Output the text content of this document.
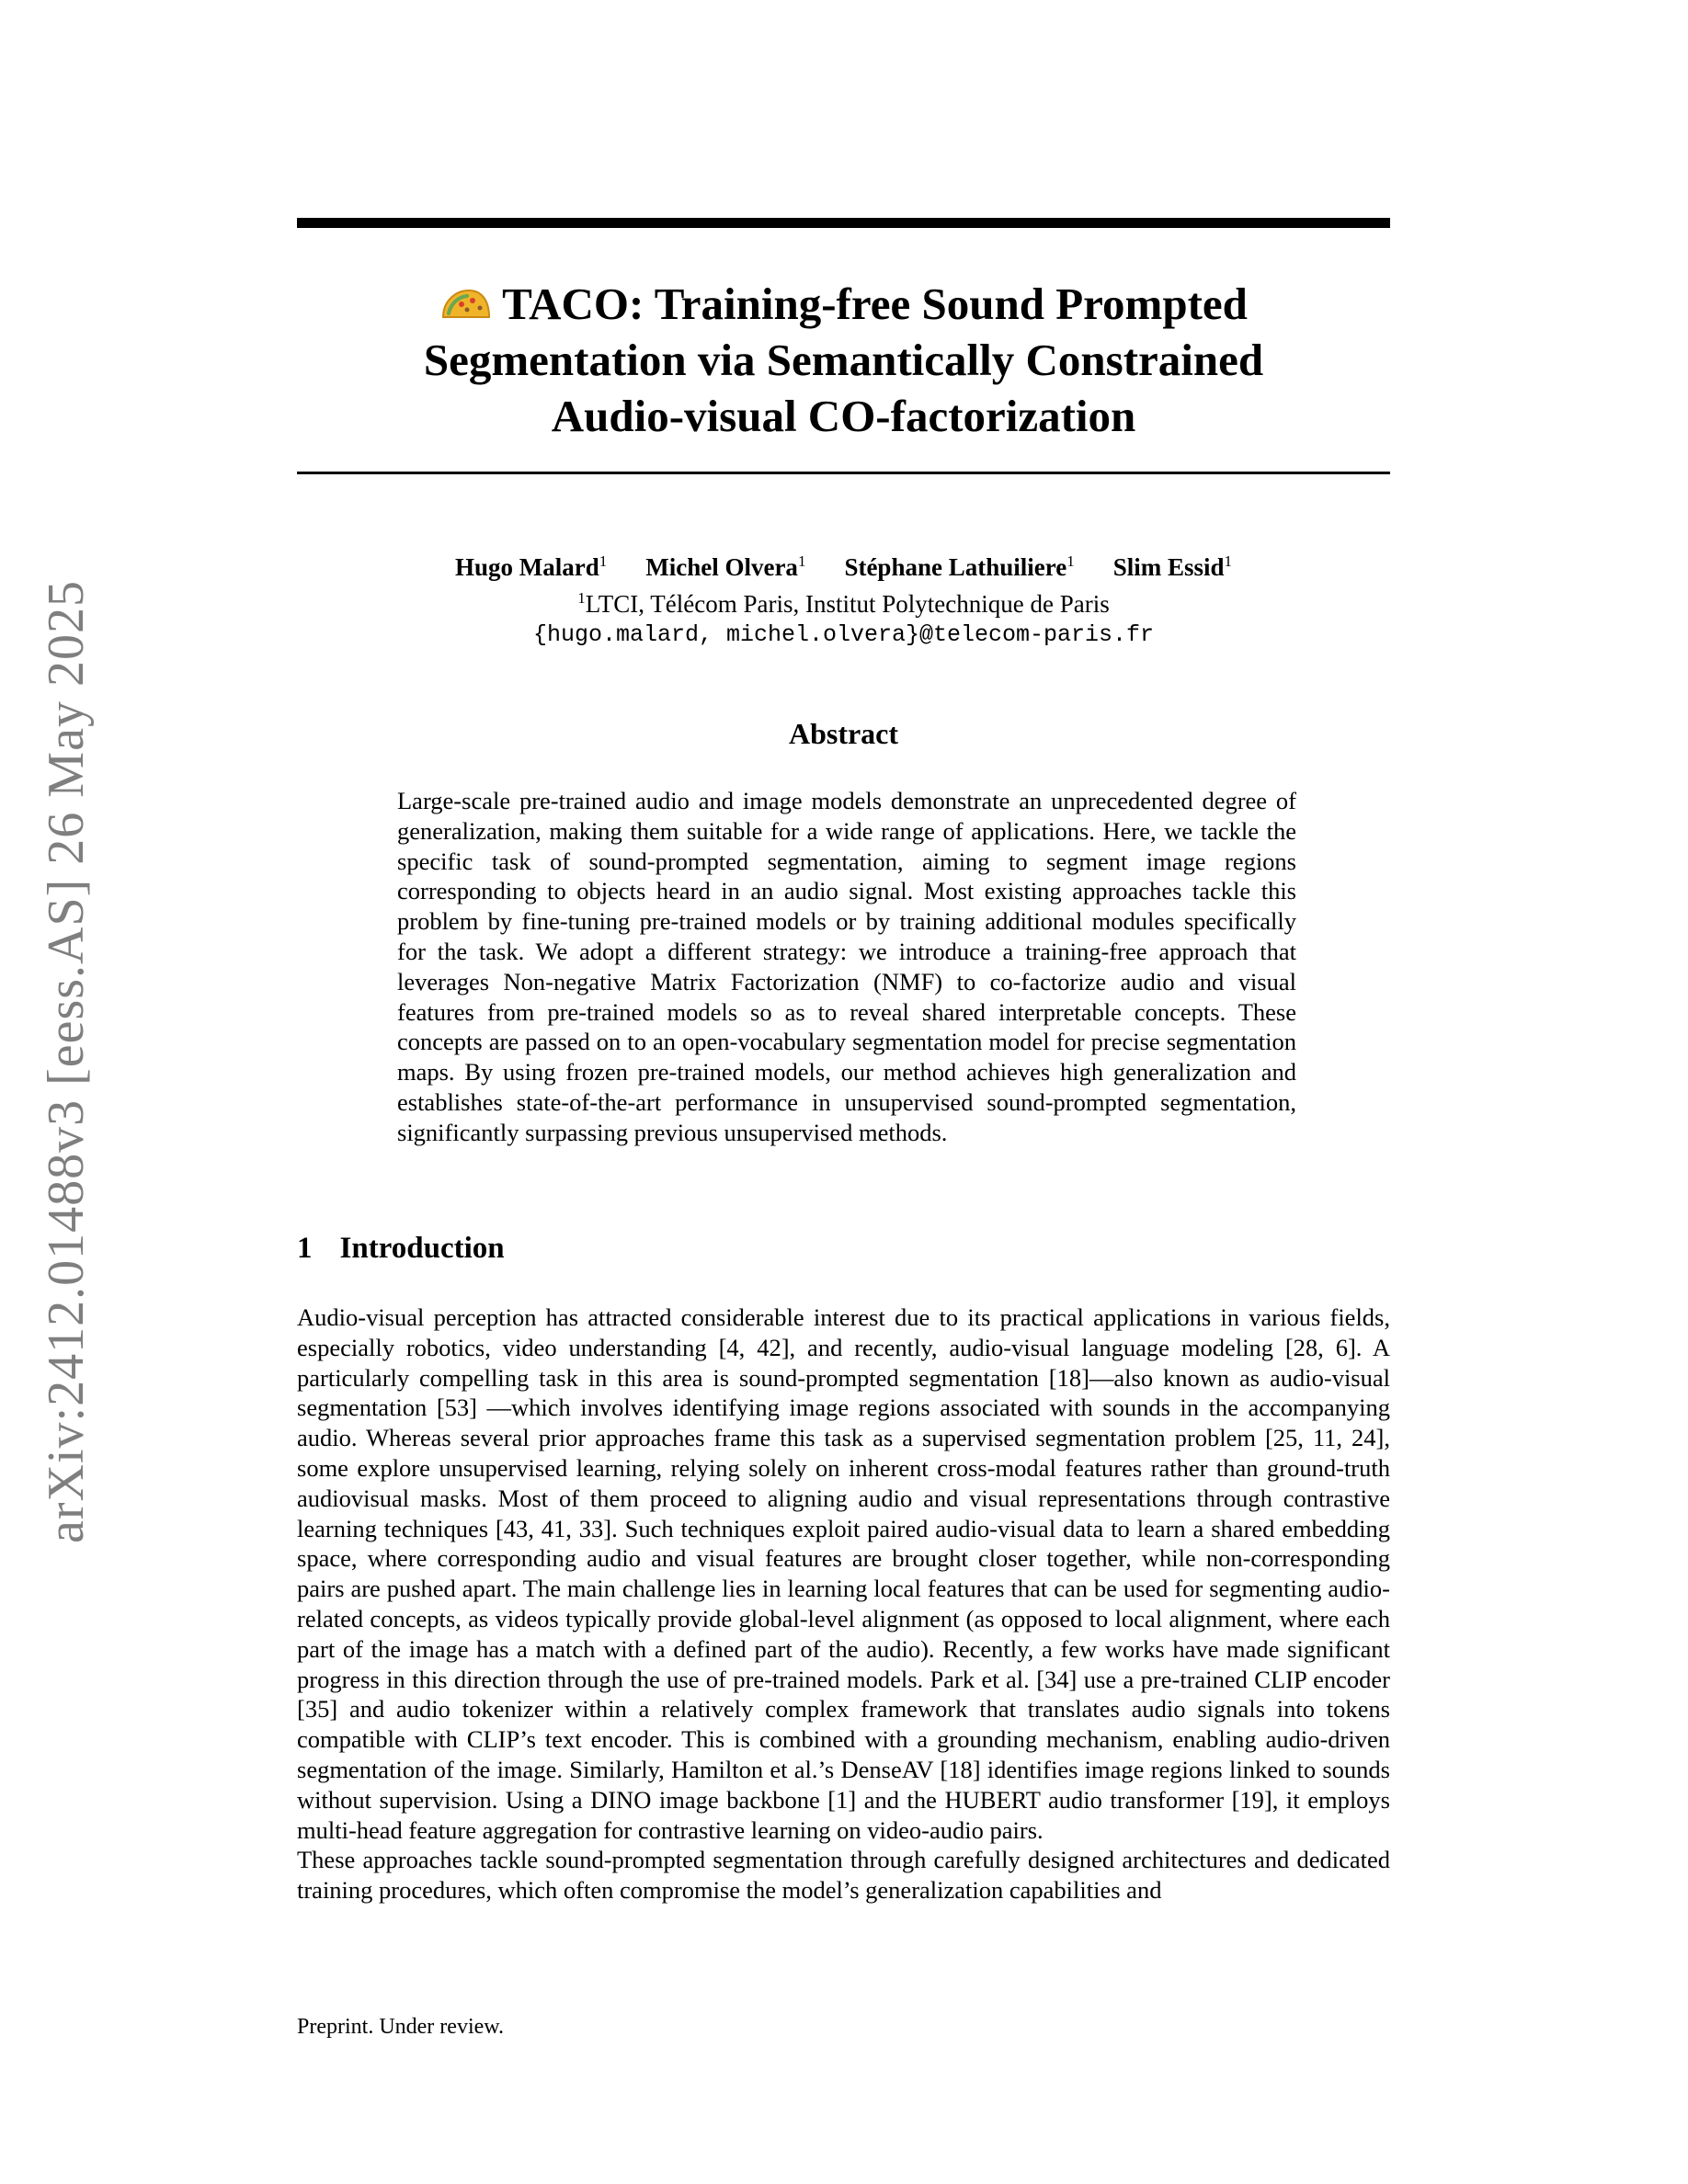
arXiv:2412.01488v3 [eess.AS] 26 May 2025
TACO: Training-free Sound Prompted
Segmentation via Semantically Constrained
Audio-visual CO-factorization
Hugo Malard$^1$ Michel Olvera$^1$ Stéphane Lathuiliere$^1$ Slim Essid$^1$
$^1$LTCI, Télécom Paris, Institut Polytechnique de Paris
{hugo.malard, michel.olvera}@telecom-paris.fr
Abstract

Large-scale pre-trained audio and image models demonstrate an unprecedented degree of generalization, making them suitable for a wide range of applications. Here, we tackle the specific task of sound-prompted segmentation, aiming to segment image regions corresponding to objects heard in an audio signal. Most existing approaches tackle this problem by fine-tuning pre-trained models or by training additional modules specifically for the task. We adopt a different strategy: we introduce a training-free approach that leverages Non-negative Matrix Factorization (NMF) to co-factorize audio and visual features from pre-trained models so as to reveal shared interpretable concepts. These concepts are passed on to an open-vocabulary segmentation model for precise segmentation maps. By using frozen pre-trained models, our method achieves high generalization and establishes state-of-the-art performance in unsupervised sound-prompted segmentation, significantly surpassing previous unsupervised methods.

1 Introduction

Audio-visual perception has attracted considerable interest due to its practical applications in various fields, especially robotics, video understanding [4, 42], and recently, audio-visual language modeling [28, 6]. A particularly compelling task in this area is sound-prompted segmentation [18]—also known as audio-visual segmentation [53] —which involves identifying image regions associated with sounds in the accompanying audio. Whereas several prior approaches frame this task as a supervised segmentation problem [25, 11, 24], some explore unsupervised learning, relying solely on inherent cross-modal features rather than ground-truth audiovisual masks. Most of them proceed to aligning audio and visual representations through contrastive learning techniques [43, 41, 33]. Such techniques exploit paired audio-visual data to learn a shared embedding space, where corresponding audio and visual features are brought closer together, while non-corresponding pairs are pushed apart. The main challenge lies in learning local features that can be used for segmenting audio-related concepts, as videos typically provide global-level alignment (as opposed to local alignment, where each part of the image has a match with a defined part of the audio). Recently, a few works have made significant progress in this direction through the use of pre-trained models. Park et al. [34] use a pre-trained CLIP encoder [35] and audio tokenizer within a relatively complex framework that translates audio signals into tokens compatible with CLIP’s text encoder. This is combined with a grounding mechanism, enabling audio-driven segmentation of the image. Similarly, Hamilton et al.’s DenseAV [18] identifies image regions linked to sounds without supervision. Using a DINO image backbone [1] and the HUBERT audio transformer [19], it employs multi-head feature aggregation for contrastive learning on video-audio pairs.

These approaches tackle sound-prompted segmentation through carefully designed architectures and dedicated training procedures, which often compromise the model’s generalization capabilities and

Preprint. Under review.
